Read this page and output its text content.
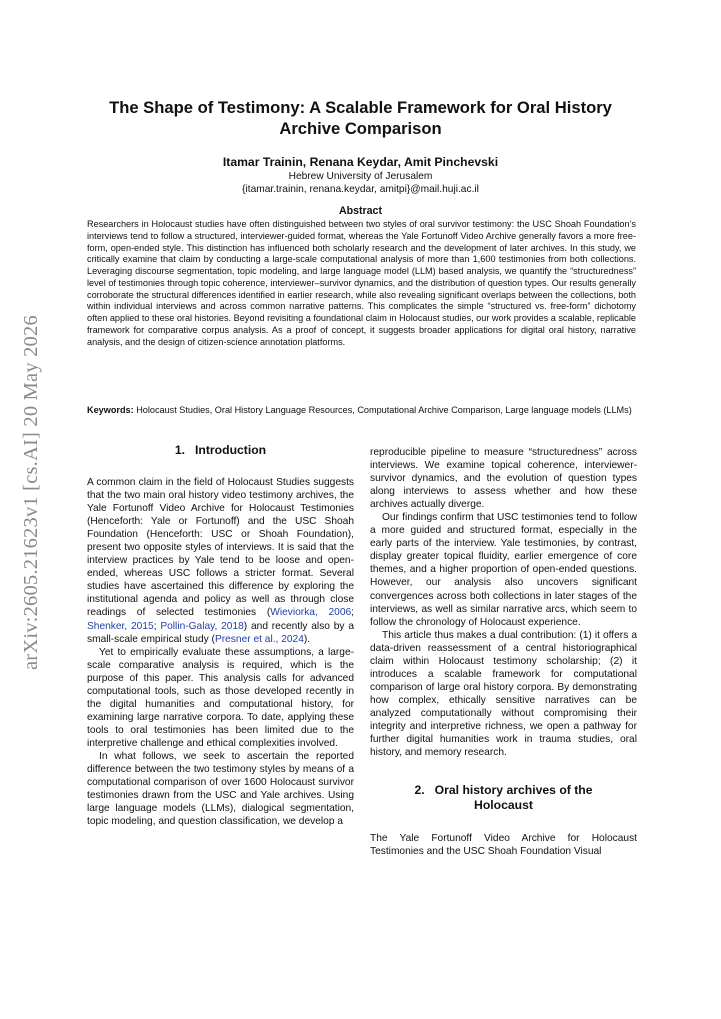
arXiv:2605.21623v1 [cs.AI] 20 May 2026
The Shape of Testimony: A Scalable Framework for Oral History Archive Comparison
Itamar Trainin, Renana Keydar, Amit Pinchevski
Hebrew University of Jerusalem
{itamar.trainin, renana.keydar, amitpi}@mail.huji.ac.il
Abstract

Researchers in Holocaust studies have often distinguished between two styles of oral survivor testimony: the USC Shoah Foundation’s interviews tend to follow a structured, interviewer-guided format, whereas the Yale Fortunoff Video Archive generally favors a more free-form, open-ended style. This distinction has influenced both scholarly research and the development of later archives. In this study, we critically examine that claim by conducting a large-scale computational analysis of more than 1,600 testimonies from both collections. Leveraging discourse segmentation, topic modeling, and large language model (LLM) based analysis, we quantify the “structuredness” level of testimonies through topic coherence, interviewer–survivor dynamics, and the distribution of question types. Our results generally corroborate the structural differences identified in earlier research, while also revealing significant overlaps between the collections, both within individual interviews and across common narrative patterns. This complicates the simple “structured vs. free-form” dichotomy often applied to these oral histories. Beyond revisiting a foundational claim in Holocaust studies, our work provides a scalable, replicable framework for comparative corpus analysis. As a proof of concept, it suggests broader applications for digital oral history, narrative analysis, and the design of citizen-science annotation platforms.

Keywords: Holocaust Studies, Oral History Language Resources, Computational Archive Comparison, Large language models (LLMs)

1. Introduction

A common claim in the field of Holocaust Studies suggests that the two main oral history video testimony archives, the Yale Fortunoff Video Archive for Holocaust Testimonies (Henceforth: Yale or Fortunoff) and the USC Shoah Foundation (Henceforth: USC or Shoah Foundation), present two opposite styles of interviews. It is said that the interview practices by Yale tend to be loose and open-ended, whereas USC follows a stricter format. Several studies have ascertained this difference by exploring the institutional agenda and policy as well as through close readings of selected testimonies (Wieviorka, 2006; Shenker, 2015; Pollin-Galay, 2018) and recently also by a small-scale empirical study (Presner et al., 2024).

Yet to empirically evaluate these assumptions, a large-scale comparative analysis is required, which is the purpose of this paper. This analysis calls for advanced computational tools, such as those developed recently in the digital humanities and computational history, for examining large narrative corpora. To date, applying these tools to oral testimonies has been limited due to the interpretive challenge and ethical complexities involved.

In what follows, we seek to ascertain the reported difference between the two testimony styles by means of a computational comparison of over 1600 Holocaust survivor testimonies drawn from the USC and Yale archives. Using large language models (LLMs), dialogical segmentation, topic modeling, and question classification, we develop a

reproducible pipeline to measure “structuredness” across interviews. We examine topical coherence, interviewer-survivor dynamics, and the evolution of question types along interviews to assess whether and how these archives actually diverge.

Our findings confirm that USC testimonies tend to follow a more guided and structured format, especially in the early parts of the interview. Yale testimonies, by contrast, display greater topical fluidity, earlier emergence of core themes, and a higher proportion of open-ended questions. However, our analysis also uncovers significant convergences across both collections in later stages of the interviews, as well as similar narrative arcs, which seem to follow the chronology of Holocaust experience.

This article thus makes a dual contribution: (1) it offers a data-driven reassessment of a central historiographical claim within Holocaust testimony scholarship; (2) it introduces a scalable framework for computational comparison of large oral history corpora. By demonstrating how complex, ethically sensitive narratives can be analyzed computationally without compromising their integrity and interpretive richness, we open a pathway for further digital humanities work in trauma studies, oral history, and memory research.

2. Oral history archives of the Holocaust

The Yale Fortunoff Video Archive for Holocaust Testimonies and the USC Shoah Foundation Visual
